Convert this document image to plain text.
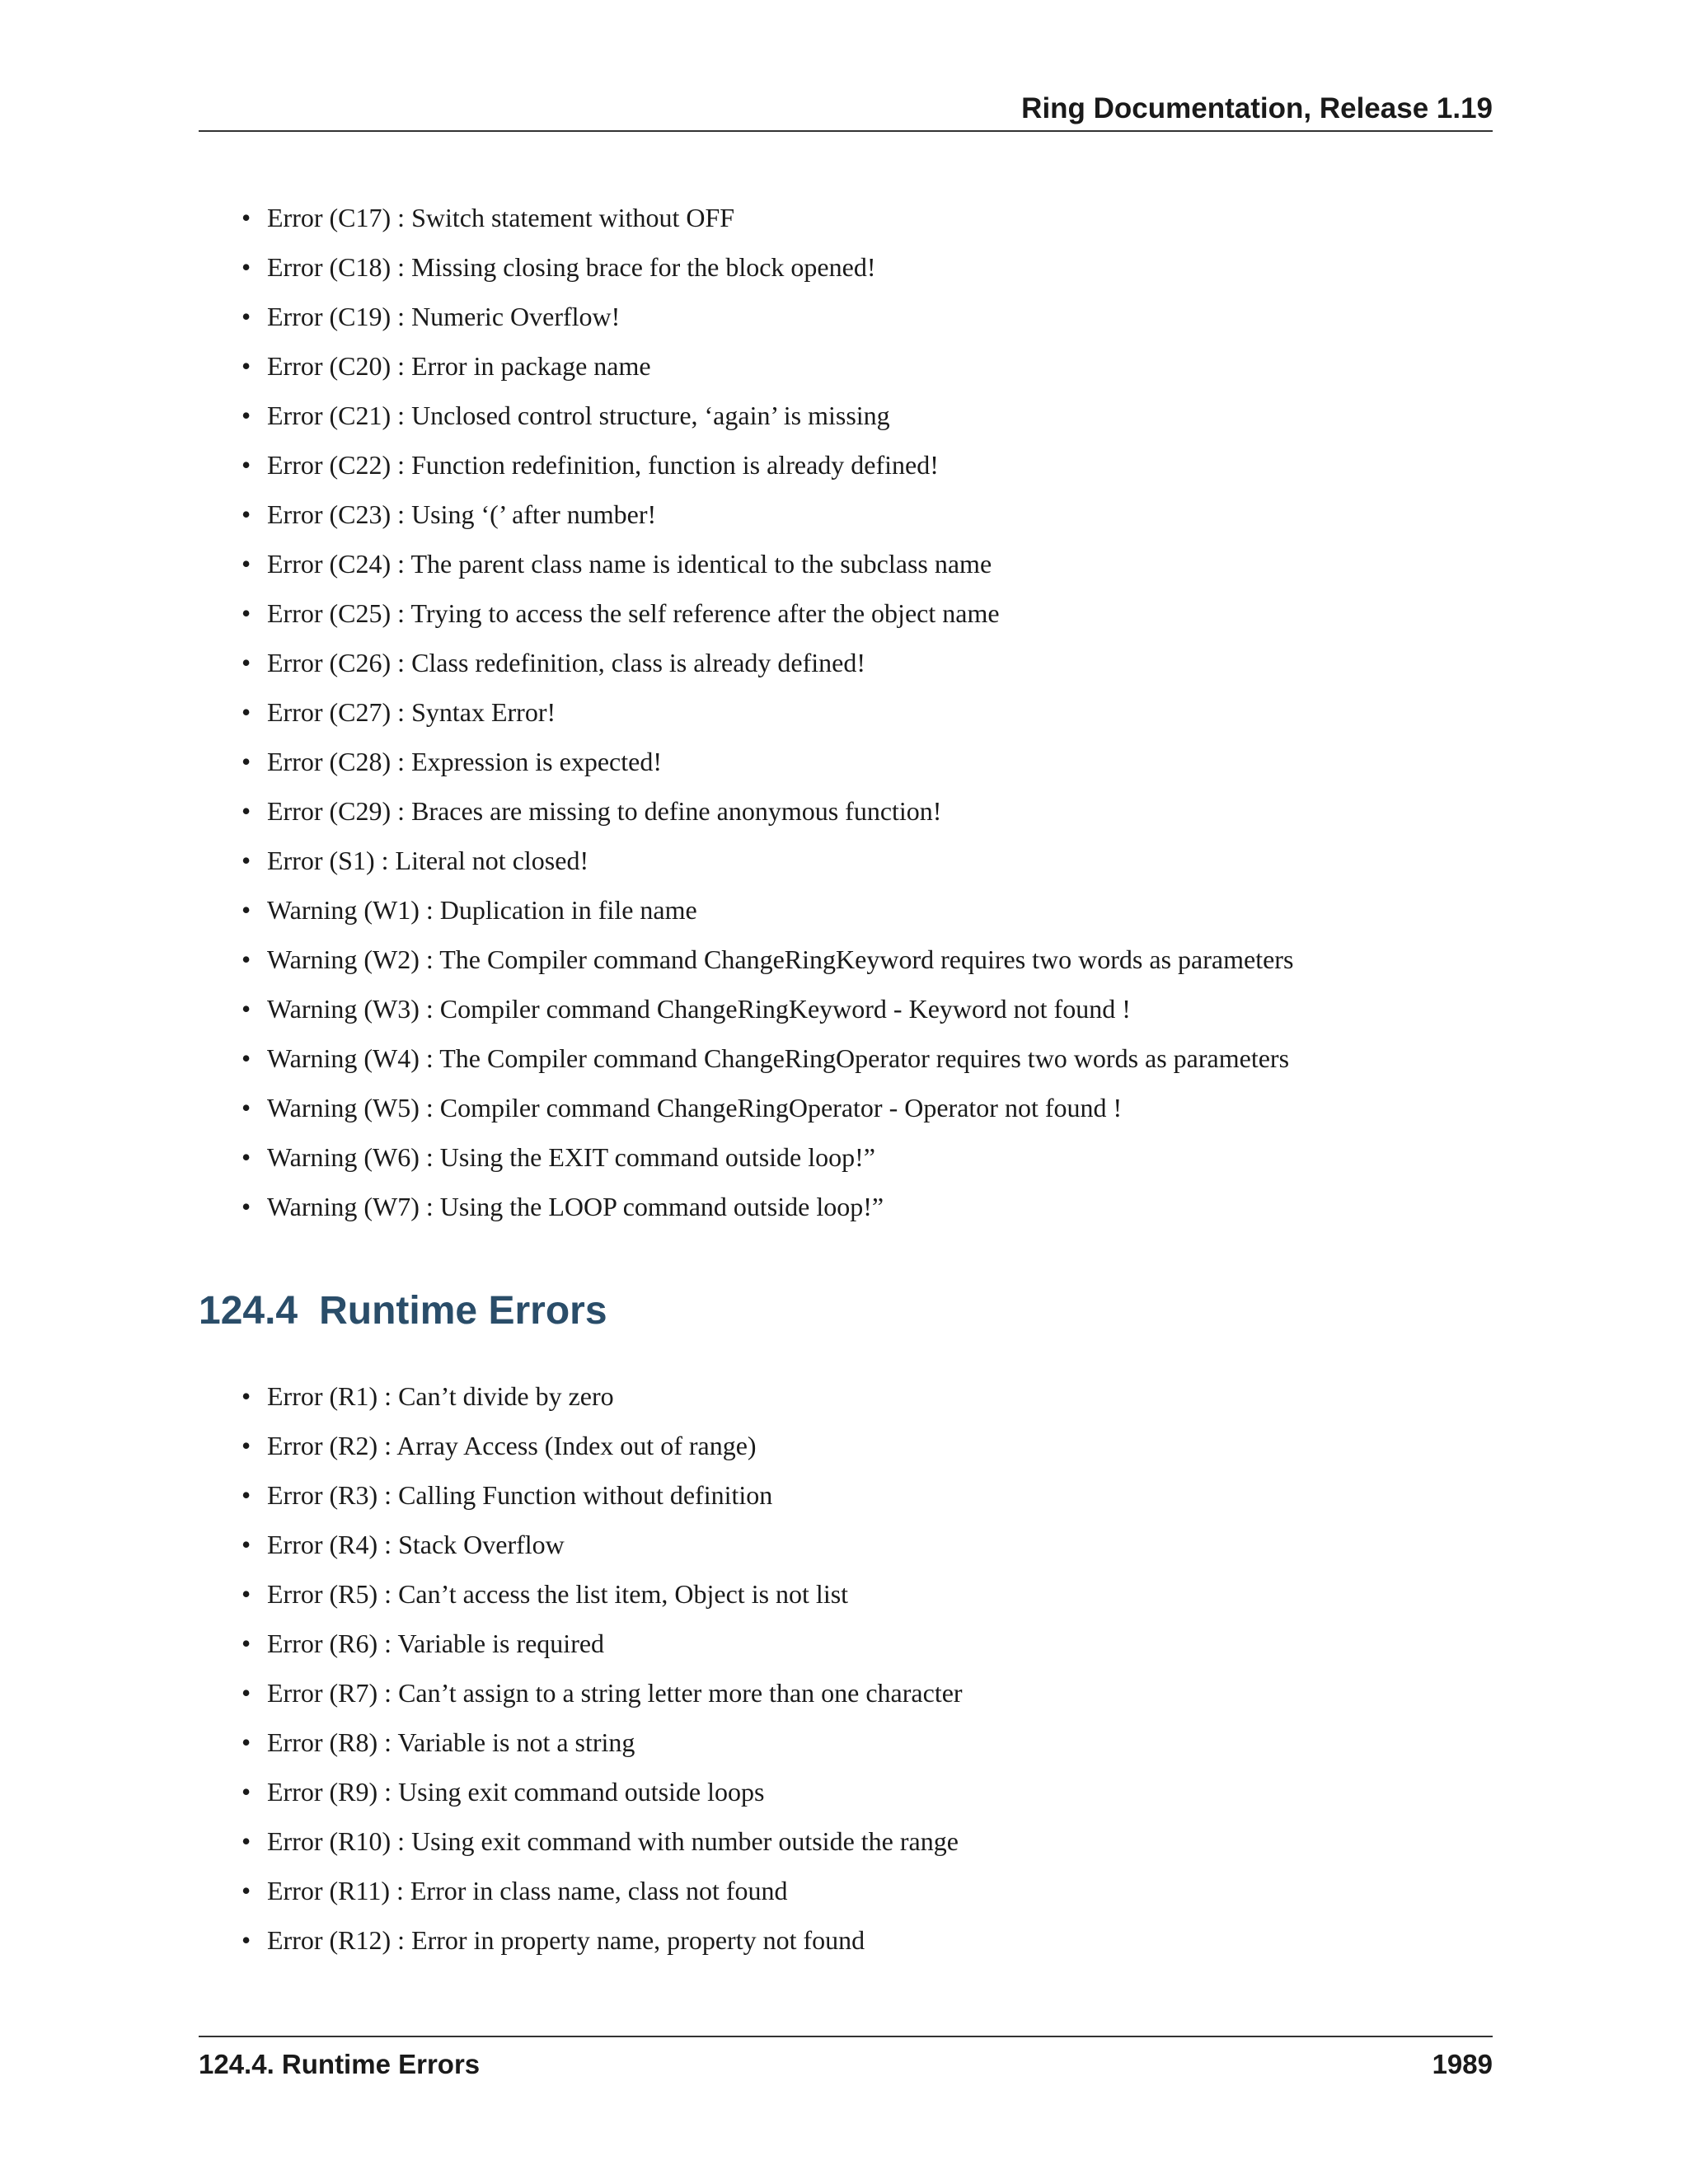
Ring Documentation, Release 1.19
• Error (C17) : Switch statement without OFF
• Error (C18) : Missing closing brace for the block opened!
• Error (C19) : Numeric Overflow!
• Error (C20) : Error in package name
• Error (C21) : Unclosed control structure, ‘again’ is missing
• Error (C22) : Function redefinition, function is already defined!
• Error (C23) : Using ‘(’ after number!
• Error (C24) : The parent class name is identical to the subclass name
• Error (C25) : Trying to access the self reference after the object name
• Error (C26) : Class redefinition, class is already defined!
• Error (C27) : Syntax Error!
• Error (C28) : Expression is expected!
• Error (C29) : Braces are missing to define anonymous function!
• Error (S1) : Literal not closed!
• Warning (W1) : Duplication in file name
• Warning (W2) : The Compiler command ChangeRingKeyword requires two words as parameters
• Warning (W3) : Compiler command ChangeRingKeyword - Keyword not found !
• Warning (W4) : The Compiler command ChangeRingOperator requires two words as parameters
• Warning (W5) : Compiler command ChangeRingOperator - Operator not found !
• Warning (W6) : Using the EXIT command outside loop!”
• Warning (W7) : Using the LOOP command outside loop!”
124.4 Runtime Errors
• Error (R1) : Can’t divide by zero
• Error (R2) : Array Access (Index out of range)
• Error (R3) : Calling Function without definition
• Error (R4) : Stack Overflow
• Error (R5) : Can’t access the list item, Object is not list
• Error (R6) : Variable is required
• Error (R7) : Can’t assign to a string letter more than one character
• Error (R8) : Variable is not a string
• Error (R9) : Using exit command outside loops
• Error (R10) : Using exit command with number outside the range
• Error (R11) : Error in class name, class not found
• Error (R12) : Error in property name, property not found
124.4. Runtime Errors	1989
